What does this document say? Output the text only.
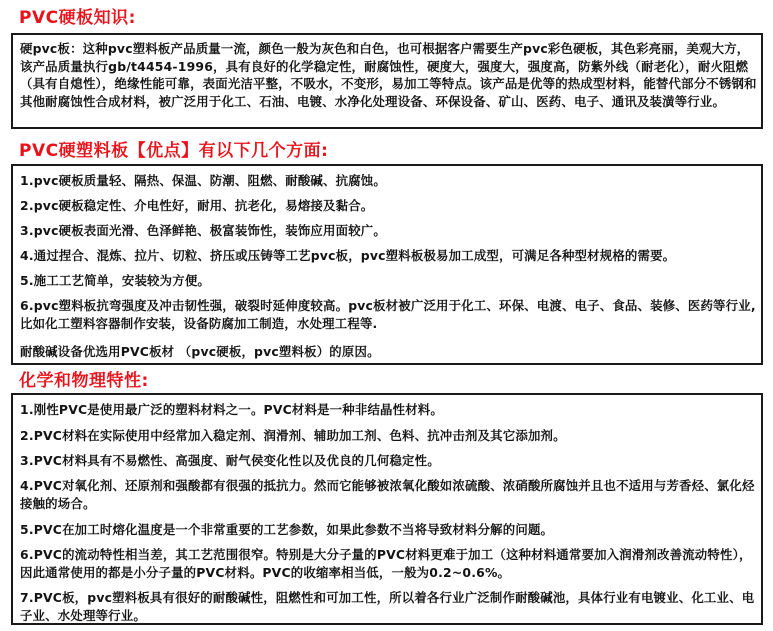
PVC硬板知识:
硬pvc板：这种pvc塑料板产品质量一流，颜色一般为灰色和白色，也可根据客户需要生产pvc彩色硬板，其色彩亮丽，美观大方，该产品质量执行gb/t4454-1996，具有良好的化学稳定性，耐腐蚀性，硬度大，强度大，强度高，防紫外线（耐老化），耐火阻燃（具有自熄性），绝缘性能可靠，表面光洁平整，不吸水，不变形，易加工等特点。该产品是优等的热成型材料，能替代部分不锈钢和其他耐腐蚀性合成材料，被广泛用于化工、石油、电镀、水净化处理设备、环保设备、矿山、医药、电子、通讯及装潢等行业。
PVC硬塑料板【优点】有以下几个方面:
1.pvc硬板质量轻、隔热、保温、防潮、阻燃、耐酸碱、抗腐蚀。
2.pvc硬板稳定性、介电性好，耐用、抗老化，易熔接及黏合。
3.pvc硬板表面光滑、色泽鲜艳、极富装饰性，装饰应用面较广。
4.通过捏合、混炼、拉片、切粒、挤压或压铸等工艺pvc板，pvc塑料板极易加工成型，可满足各种型材规格的需要。
5.施工工艺简单，安装较为方便。
6.pvc塑料板抗弯强度及冲击韧性强，破裂时延伸度较高。pvc板材被广泛用于化工、环保、电渡、电子、食品、装修、医药等行业,比如化工塑料容器制作安装，设备防腐加工制造，水处理工程等.
耐酸碱设备优选用PVC板材 （pvc硬板，pvc塑料板）的原因。
化学和物理特性:
1.刚性PVC是使用最广泛的塑料材料之一。PVC材料是一种非结晶性材料。
2.PVC材料在实际使用中经常加入稳定剂、润滑剂、辅助加工剂、色料、抗冲击剂及其它添加剂。
3.PVC材料具有不易燃性、高强度、耐气侯变化性以及优良的几何稳定性。
4.PVC对氧化剂、还原剂和强酸都有很强的抵抗力。然而它能够被浓氧化酸如浓硫酸、浓硝酸所腐蚀并且也不适用与芳香烃、氯化烃接触的场合。
5.PVC在加工时熔化温度是一个非常重要的工艺参数，如果此参数不当将导致材料分解的问题。
6.PVC的流动特性相当差，其工艺范围很窄。特别是大分子量的PVC材料更难于加工（这种材料通常要加入润滑剂改善流动特性），因此通常使用的都是小分子量的PVC材料。PVC的收缩率相当低，一般为0.2~0.6%。
7.PVC板，pvc塑料板具有很好的耐酸碱性，阻燃性和可加工性，所以着各行业广泛制作耐酸碱池，具体行业有电镀业、化工业、电子业、水处理等行业。
